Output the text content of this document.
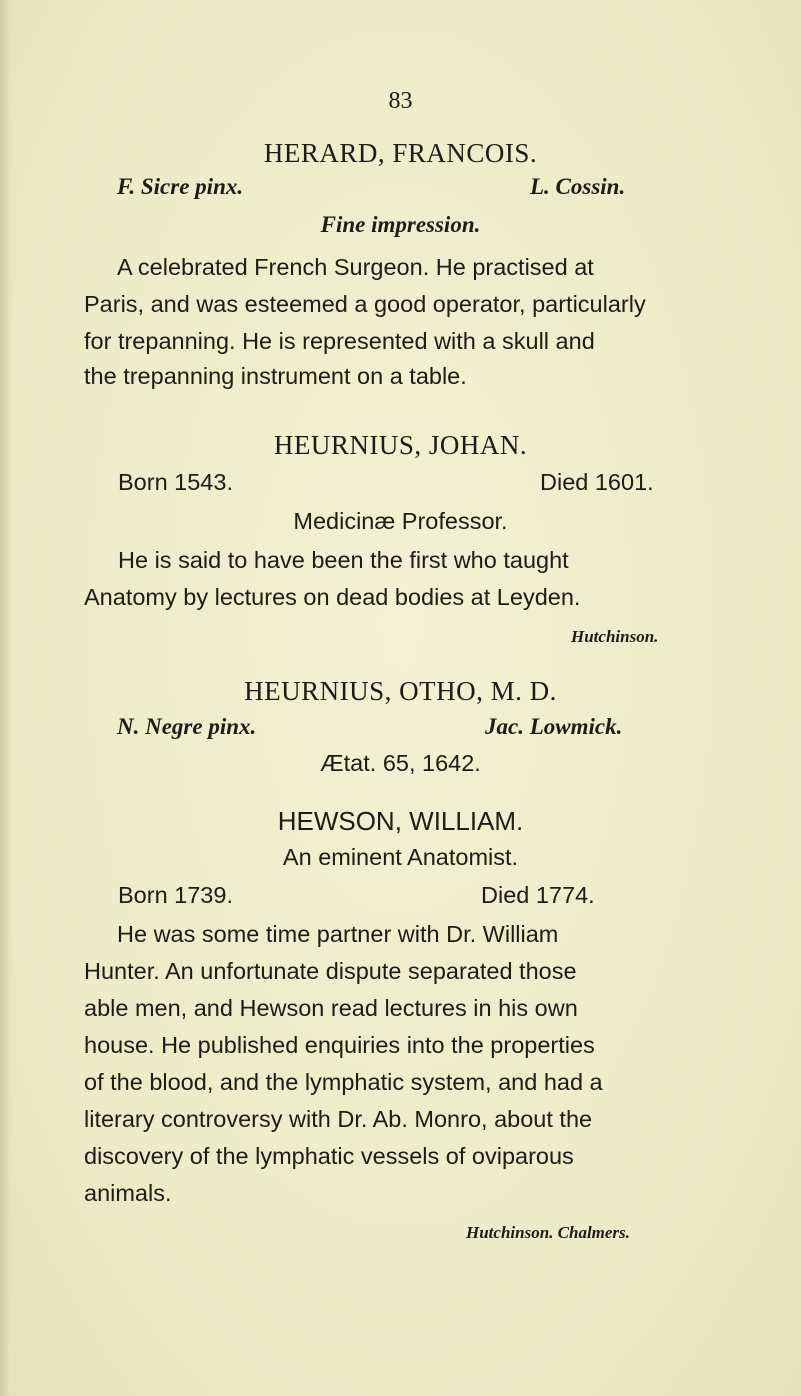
83
HERARD, FRANCOIS.
F. Sicre pinx.	L. Cossin.
Fine impression.
A celebrated French Surgeon. He practised at
Paris, and was esteemed a good operator, particularly
for trepanning. He is represented with a skull and
the trepanning instrument on a table.
HEURNIUS, JOHAN.
Born 1543.	Died 1601.
Medicinæ Professor.
He is said to have been the first who taught
Anatomy by lectures on dead bodies at Leyden.
Hutchinson.
HEURNIUS, OTHO, M. D.
N. Negre pinx.	Jac. Lowmick.
Ætat. 65, 1642.
HEWSON, WILLIAM.
An eminent Anatomist.
Born 1739.	Died 1774.
He was some time partner with Dr. William
Hunter. An unfortunate dispute separated those
able men, and Hewson read lectures in his own
house. He published enquiries into the properties
of the blood, and the lymphatic system, and had a
literary controversy with Dr. Ab. Monro, about the
discovery of the lymphatic vessels of oviparous
animals.
Hutchinson. Chalmers.
